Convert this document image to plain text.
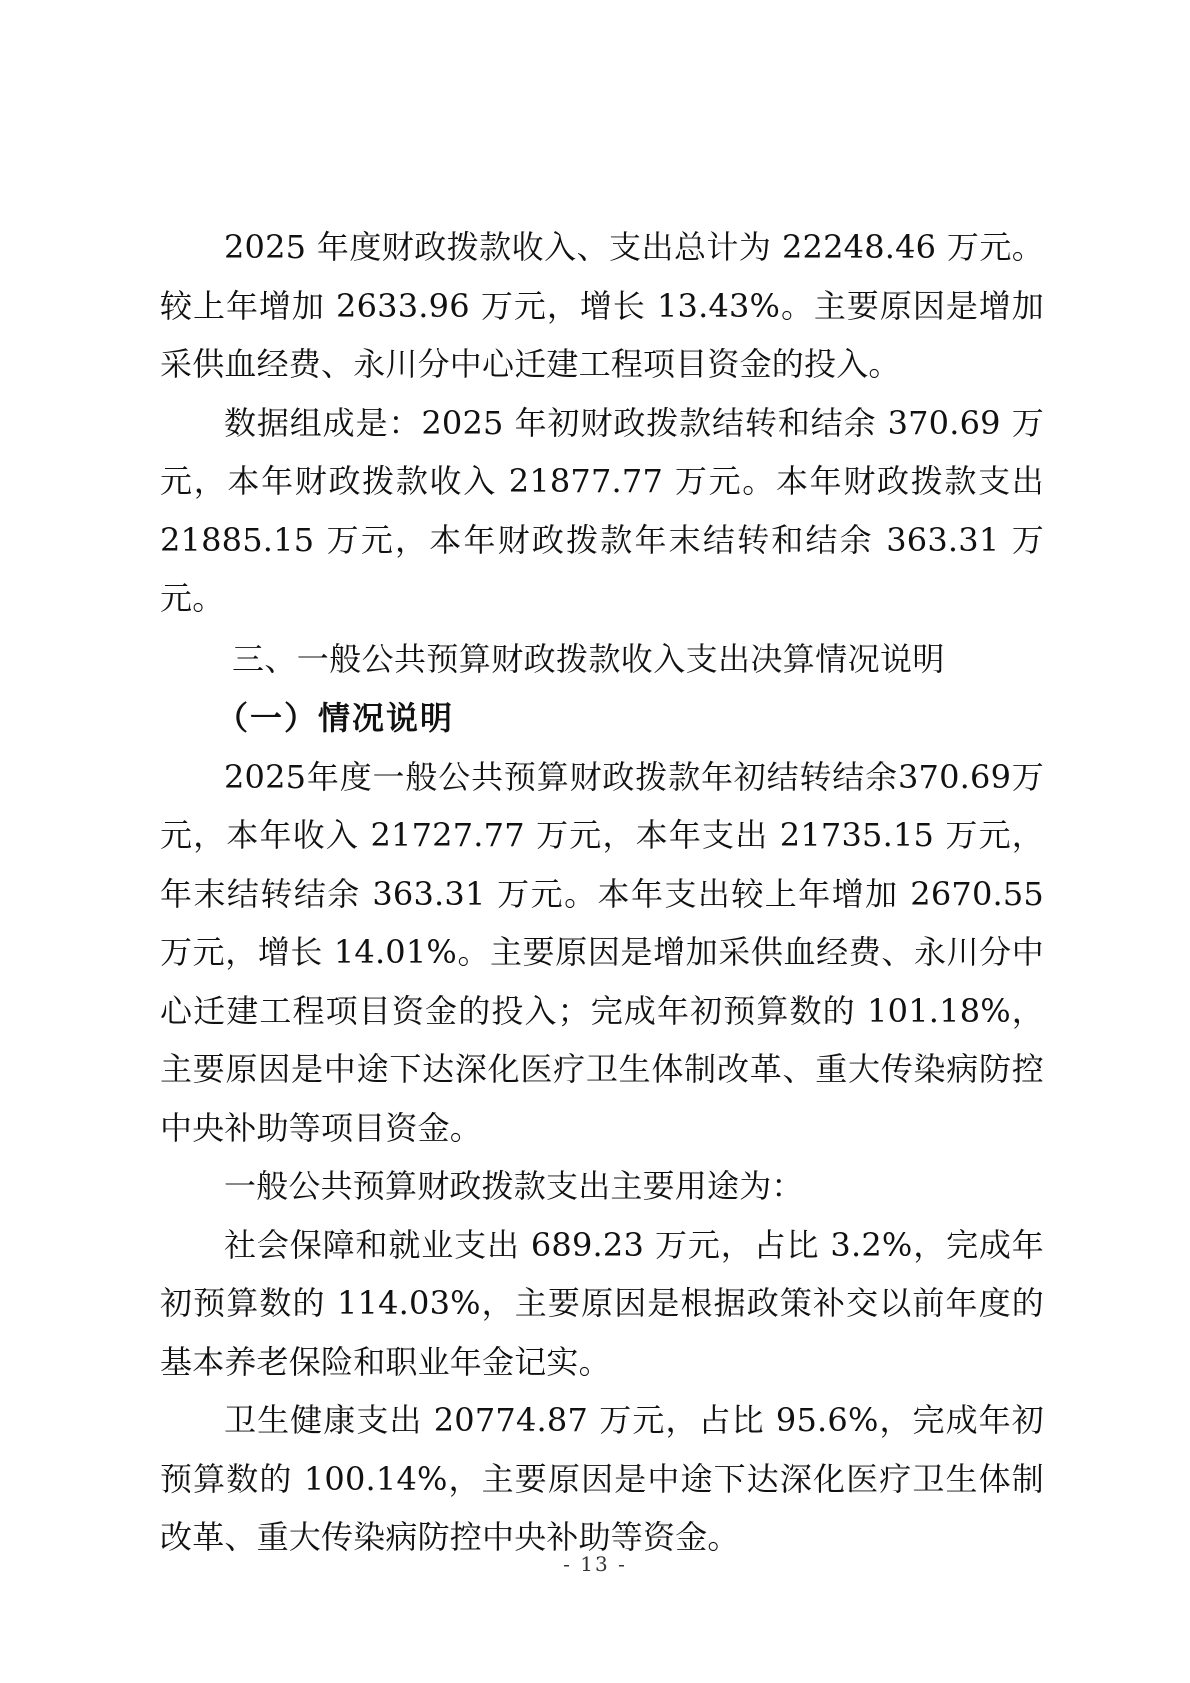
2025 年度财政拨款收入、支出总计为 22248.46 万元。较上年增加 2633.96 万元，增长 13.43%。主要原因是增加采供血经费、永川分中心迁建工程项目资金的投入。

数据组成是：2025 年初财政拨款结转和结余 370.69 万元，本年财政拨款收入 21877.77 万元。本年财政拨款支出 21885.15 万元，本年财政拨款年末结转和结余 363.31 万元。

三、一般公共预算财政拨款收入支出决算情况说明

（一）情况说明

2025年度一般公共预算财政拨款年初结转结余370.69万元，本年收入 21727.77 万元，本年支出 21735.15 万元，年末结转结余 363.31 万元。本年支出较上年增加 2670.55 万元，增长 14.01%。主要原因是增加采供血经费、永川分中心迁建工程项目资金的投入；完成年初预算数的 101.18%，主要原因是中途下达深化医疗卫生体制改革、重大传染病防控中央补助等项目资金。

一般公共预算财政拨款支出主要用途为：

社会保障和就业支出 689.23 万元，占比 3.2%，完成年初预算数的 114.03%，主要原因是根据政策补交以前年度的基本养老保险和职业年金记实。

卫生健康支出 20774.87 万元，占比 95.6%，完成年初预算数的 100.14%，主要原因是中途下达深化医疗卫生体制改革、重大传染病防控中央补助等资金。

- 13 -
